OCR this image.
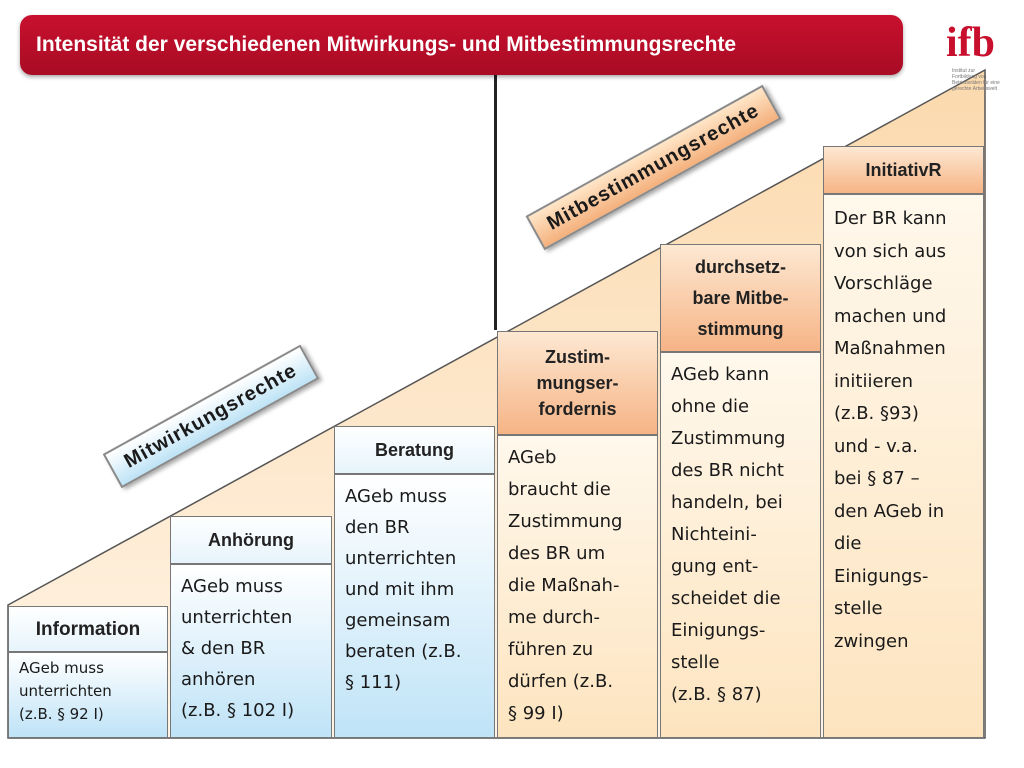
Intensität der verschiedenen Mitwirkungs- und Mitbestimmungsrechte	ifb
Institut zur Fortbildung von Betriebsräten für eine gerechte Arbeitswelt
Mitwirkungsrechte
Mitbestimmungsrechte
Information
AGeb muss
unterrichten
(z.B. § 92 I)
Anhörung
AGeb muss
unterrichten
& den BR
anhören
(z.B. § 102 I)
Beratung
AGeb muss
den BR
unterrichten
und mit ihm
gemeinsam
beraten (z.B.
§ 111)
Zustim-
mungser-
fordernis
AGeb
braucht die
Zustimmung
des BR um
die Maßnah-
me durch-
führen zu
dürfen (z.B.
§ 99 I)
durchsetz-
bare Mitbe-
stimmung
AGeb kann
ohne die
Zustimmung
des BR nicht
handeln, bei
Nichteini-
gung ent-
scheidet die
Einigungs-
stelle
(z.B. § 87)
InitiativR
Der BR kann
von sich aus
Vorschläge
machen und
Maßnahmen
initiieren
(z.B. §93)
und - v.a.
bei § 87 –
den AGeb in
die
Einigungs-
stelle
zwingen
